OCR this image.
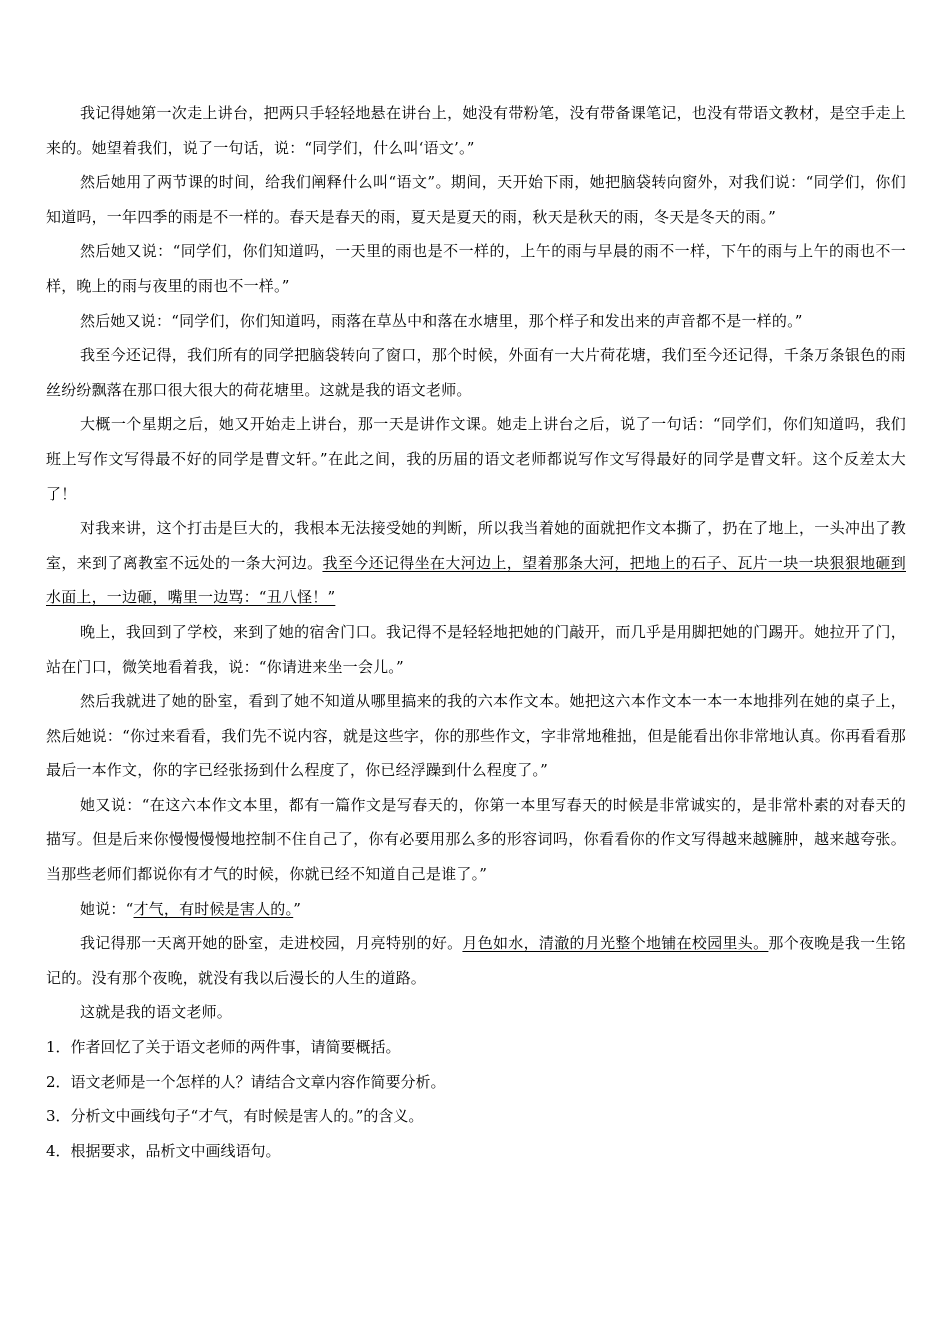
我记得她第一次走上讲台，把两只手轻轻地悬在讲台上，她没有带粉笔，没有带备课笔记，也没有带语文教材，是空手走上来的。她望着我们，说了一句话，说：“同学们，什么叫‘语文’。”

然后她用了两节课的时间，给我们阐释什么叫“语文”。期间，天开始下雨，她把脑袋转向窗外，对我们说：“同学们，你们知道吗，一年四季的雨是不一样的。春天是春天的雨，夏天是夏天的雨，秋天是秋天的雨，冬天是冬天的雨。”

然后她又说：“同学们，你们知道吗，一天里的雨也是不一样的，上午的雨与早晨的雨不一样，下午的雨与上午的雨也不一样，晚上的雨与夜里的雨也不一样。”

然后她又说：“同学们，你们知道吗，雨落在草丛中和落在水塘里，那个样子和发出来的声音都不是一样的。”

我至今还记得，我们所有的同学把脑袋转向了窗口，那个时候，外面有一大片荷花塘，我们至今还记得，千条万条银色的雨丝纷纷飘落在那口很大很大的荷花塘里。这就是我的语文老师。

大概一个星期之后，她又开始走上讲台，那一天是讲作文课。她走上讲台之后，说了一句话：“同学们，你们知道吗，我们班上写作文写得最不好的同学是曹文轩。”在此之间，我的历届的语文老师都说写作文写得最好的同学是曹文轩。这个反差太大了！

对我来讲，这个打击是巨大的，我根本无法接受她的判断，所以我当着她的面就把作文本撕了，扔在了地上，一头冲出了教室，来到了离教室不远处的一条大河边。我至今还记得坐在大河边上，望着那条大河，把地上的石子、瓦片一块一块狠狠地砸到水面上，一边砸，嘴里一边骂：“丑八怪！”

晚上，我回到了学校，来到了她的宿舍门口。我记得不是轻轻地把她的门敲开，而几乎是用脚把她的门踢开。她拉开了门，站在门口，微笑地看着我，说：“你请进来坐一会儿。”

然后我就进了她的卧室，看到了她不知道从哪里搞来的我的六本作文本。她把这六本作文本一本一本地排列在她的桌子上，然后她说：“你过来看看，我们先不说内容，就是这些字，你的那些作文，字非常地稚拙，但是能看出你非常地认真。你再看看那最后一本作文，你的字已经张扬到什么程度了，你已经浮躁到什么程度了。”

她又说：“在这六本作文本里，都有一篇作文是写春天的，你第一本里写春天的时候是非常诚实的，是非常朴素的对春天的描写。但是后来你慢慢慢慢地控制不住自己了，你有必要用那么多的形容词吗，你看看你的作文写得越来越臃肿，越来越夸张。当那些老师们都说你有才气的时候，你就已经不知道自己是谁了。”

她说：“才气，有时候是害人的。”

我记得那一天离开她的卧室，走进校园，月亮特别的好。月色如水，清澈的月光整个地铺在校园里头。那个夜晚是我一生铭记的。没有那个夜晚，就没有我以后漫长的人生的道路。

这就是我的语文老师。

1．作者回忆了关于语文老师的两件事，请简要概括。

2．语文老师是一个怎样的人？请结合文章内容作简要分析。

3．分析文中画线句子“才气，有时候是害人的。”的含义。

4．根据要求，品析文中画线语句。
